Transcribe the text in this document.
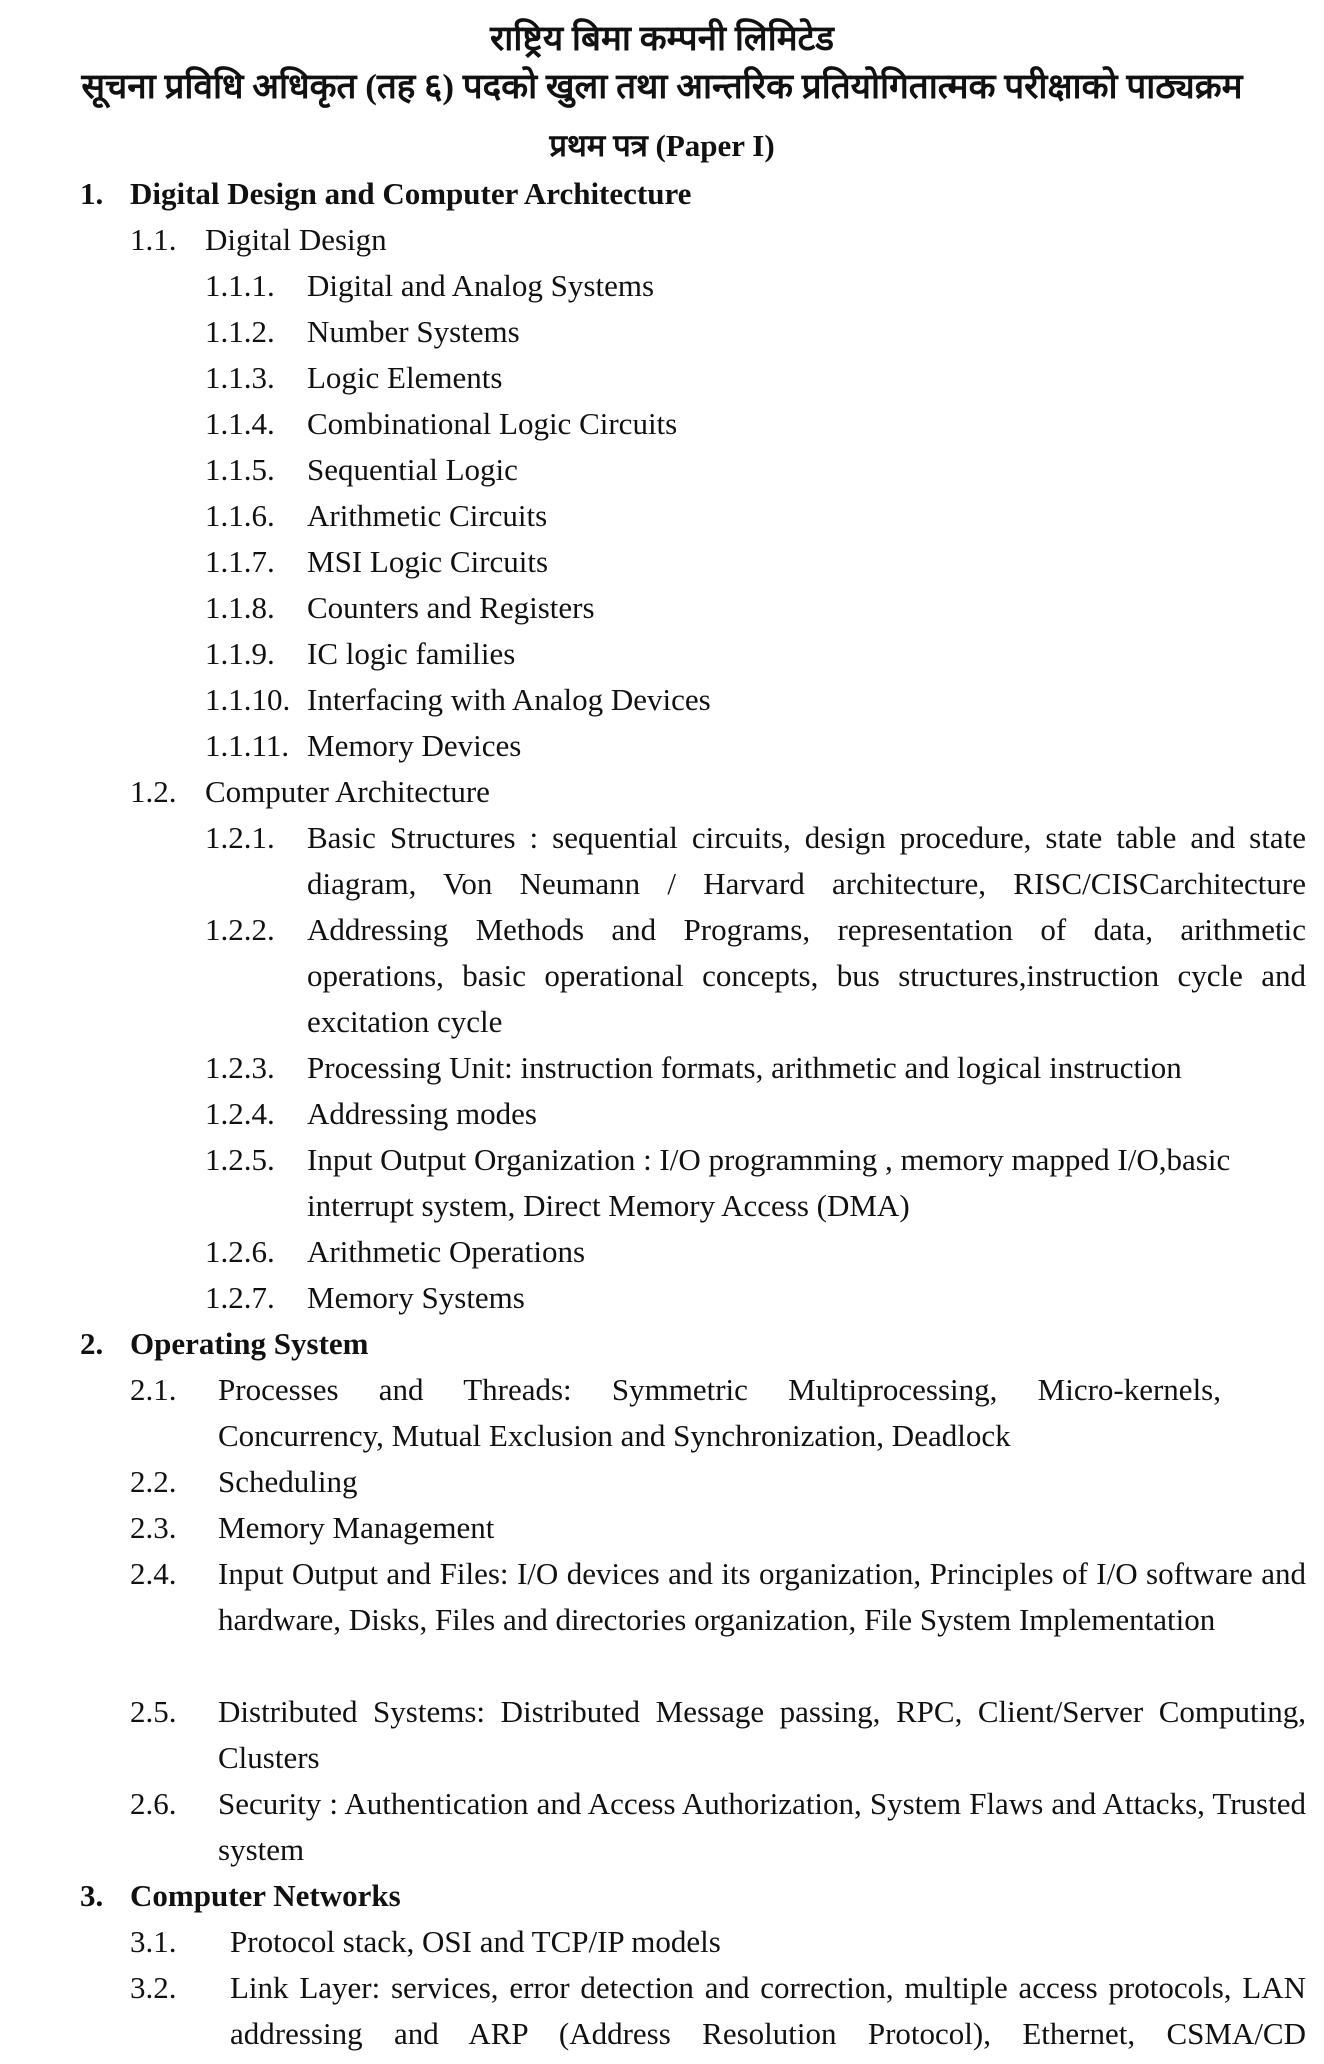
राष्ट्रिय बिमा कम्पनी लिमिटेड
सूचना प्रविधि अधिकृत (तह ६) पदको खुला तथा आन्तरिक प्रतियोगितात्मक परीक्षाको पाठ्यक्रम
प्रथम पत्र (Paper I)
1. Digital Design and Computer Architecture
1.1. Digital Design
1.1.1. Digital and Analog Systems
1.1.2. Number Systems
1.1.3. Logic Elements
1.1.4. Combinational Logic Circuits
1.1.5. Sequential Logic
1.1.6. Arithmetic Circuits
1.1.7. MSI Logic Circuits
1.1.8. Counters and Registers
1.1.9. IC logic families
1.1.10. Interfacing with Analog Devices
1.1.11. Memory Devices
1.2. Computer Architecture
1.2.1. Basic Structures : sequential circuits, design procedure, state table and state diagram, Von Neumann / Harvard architecture, RISC/CISCarchitecture
1.2.2. Addressing Methods and Programs, representation of data, arithmetic operations, basic operational concepts, bus structures,instruction cycle and excitation cycle
1.2.3. Processing Unit: instruction formats, arithmetic and logical instruction
1.2.4. Addressing modes
1.2.5. Input Output Organization : I/O programming , memory mapped I/O,basic interrupt system, Direct Memory Access (DMA)
1.2.6. Arithmetic Operations
1.2.7. Memory Systems
2. Operating System
2.1. Processes and Threads: Symmetric Multiprocessing, Micro-kernels, Concurrency, Mutual Exclusion and Synchronization, Deadlock
2.2. Scheduling
2.3. Memory Management
2.4. Input Output and Files: I/O devices and its organization, Principles of I/O software and hardware, Disks, Files and directories organization, File System Implementation
2.5. Distributed Systems: Distributed Message passing, RPC, Client/Server Computing, Clusters
2.6. Security : Authentication and Access Authorization, System Flaws and Attacks, Trusted system
3. Computer Networks
3.1. Protocol stack, OSI and TCP/IP models
3.2. Link Layer: services, error detection and correction, multiple access protocols, LAN addressing and ARP (Address Resolution Protocol), Ethernet, CSMA/CD
